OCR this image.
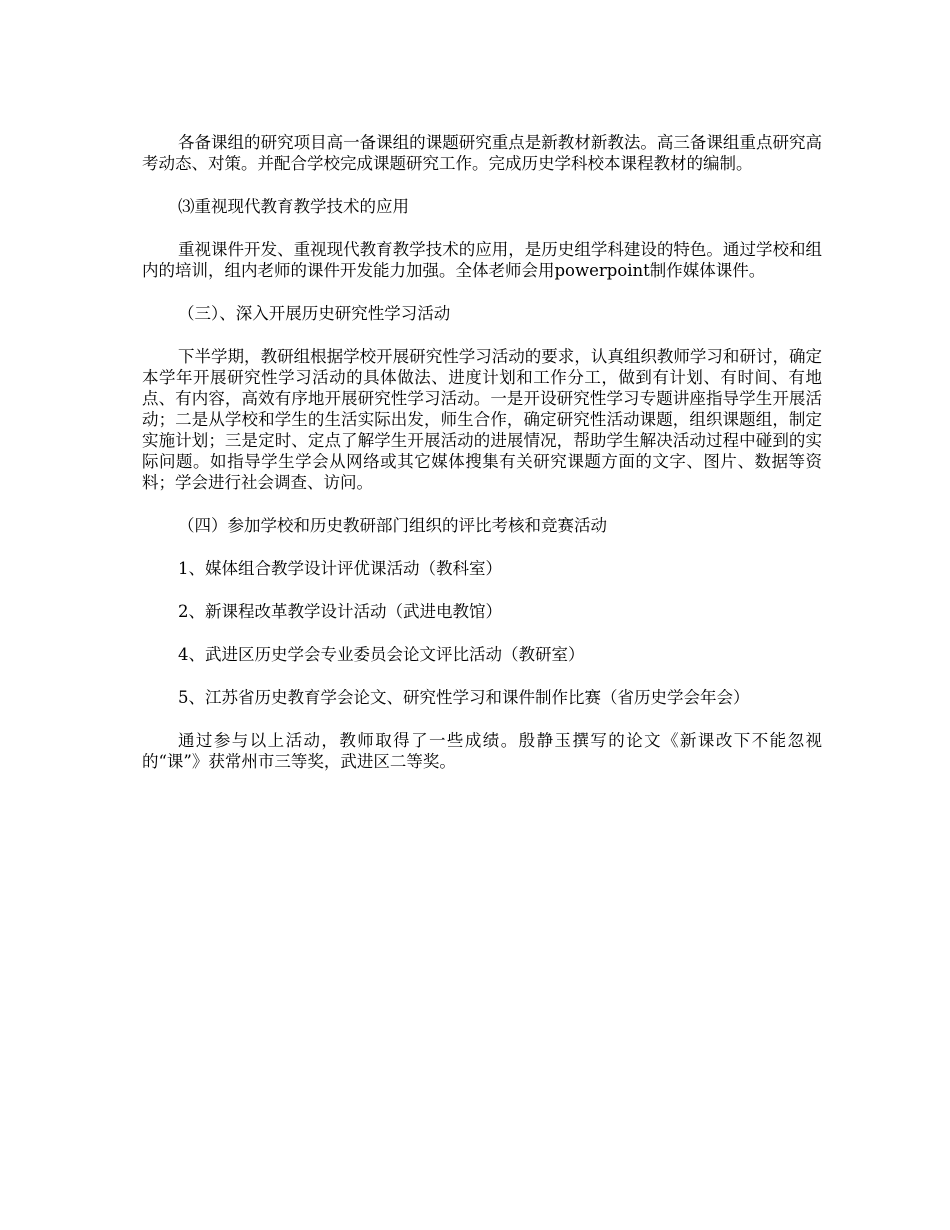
各备课组的研究项目高一备课组的课题研究重点是新教材新教法。高三备课组重点研究高考动态、对策。并配合学校完成课题研究工作。完成历史学科校本课程教材的编制。

⑶重视现代教育教学技术的应用

重视课件开发、重视现代教育教学技术的应用，是历史组学科建设的特色。通过学校和组内的培训，组内老师的课件开发能力加强。全体老师会用powerpoint制作媒体课件。

（三）、深入开展历史研究性学习活动

下半学期，教研组根据学校开展研究性学习活动的要求，认真组织教师学习和研讨，确定本学年开展研究性学习活动的具体做法、进度计划和工作分工，做到有计划、有时间、有地点、有内容，高效有序地开展研究性学习活动。一是开设研究性学习专题讲座指导学生开展活动；二是从学校和学生的生活实际出发，师生合作，确定研究性活动课题，组织课题组，制定实施计划；三是定时、定点了解学生开展活动的进展情况，帮助学生解决活动过程中碰到的实际问题。如指导学生学会从网络或其它媒体搜集有关研究课题方面的文字、图片、数据等资料；学会进行社会调查、访问。

（四）参加学校和历史教研部门组织的评比考核和竞赛活动

1、媒体组合教学设计评优课活动（教科室）

2、新课程改革教学设计活动（武进电教馆）

4、武进区历史学会专业委员会论文评比活动（教研室）

5、江苏省历史教育学会论文、研究性学习和课件制作比赛（省历史学会年会）

通过参与以上活动，教师取得了一些成绩。殷静玉撰写的论文《新课改下不能忽视的“课”》获常州市三等奖，武进区二等奖。
